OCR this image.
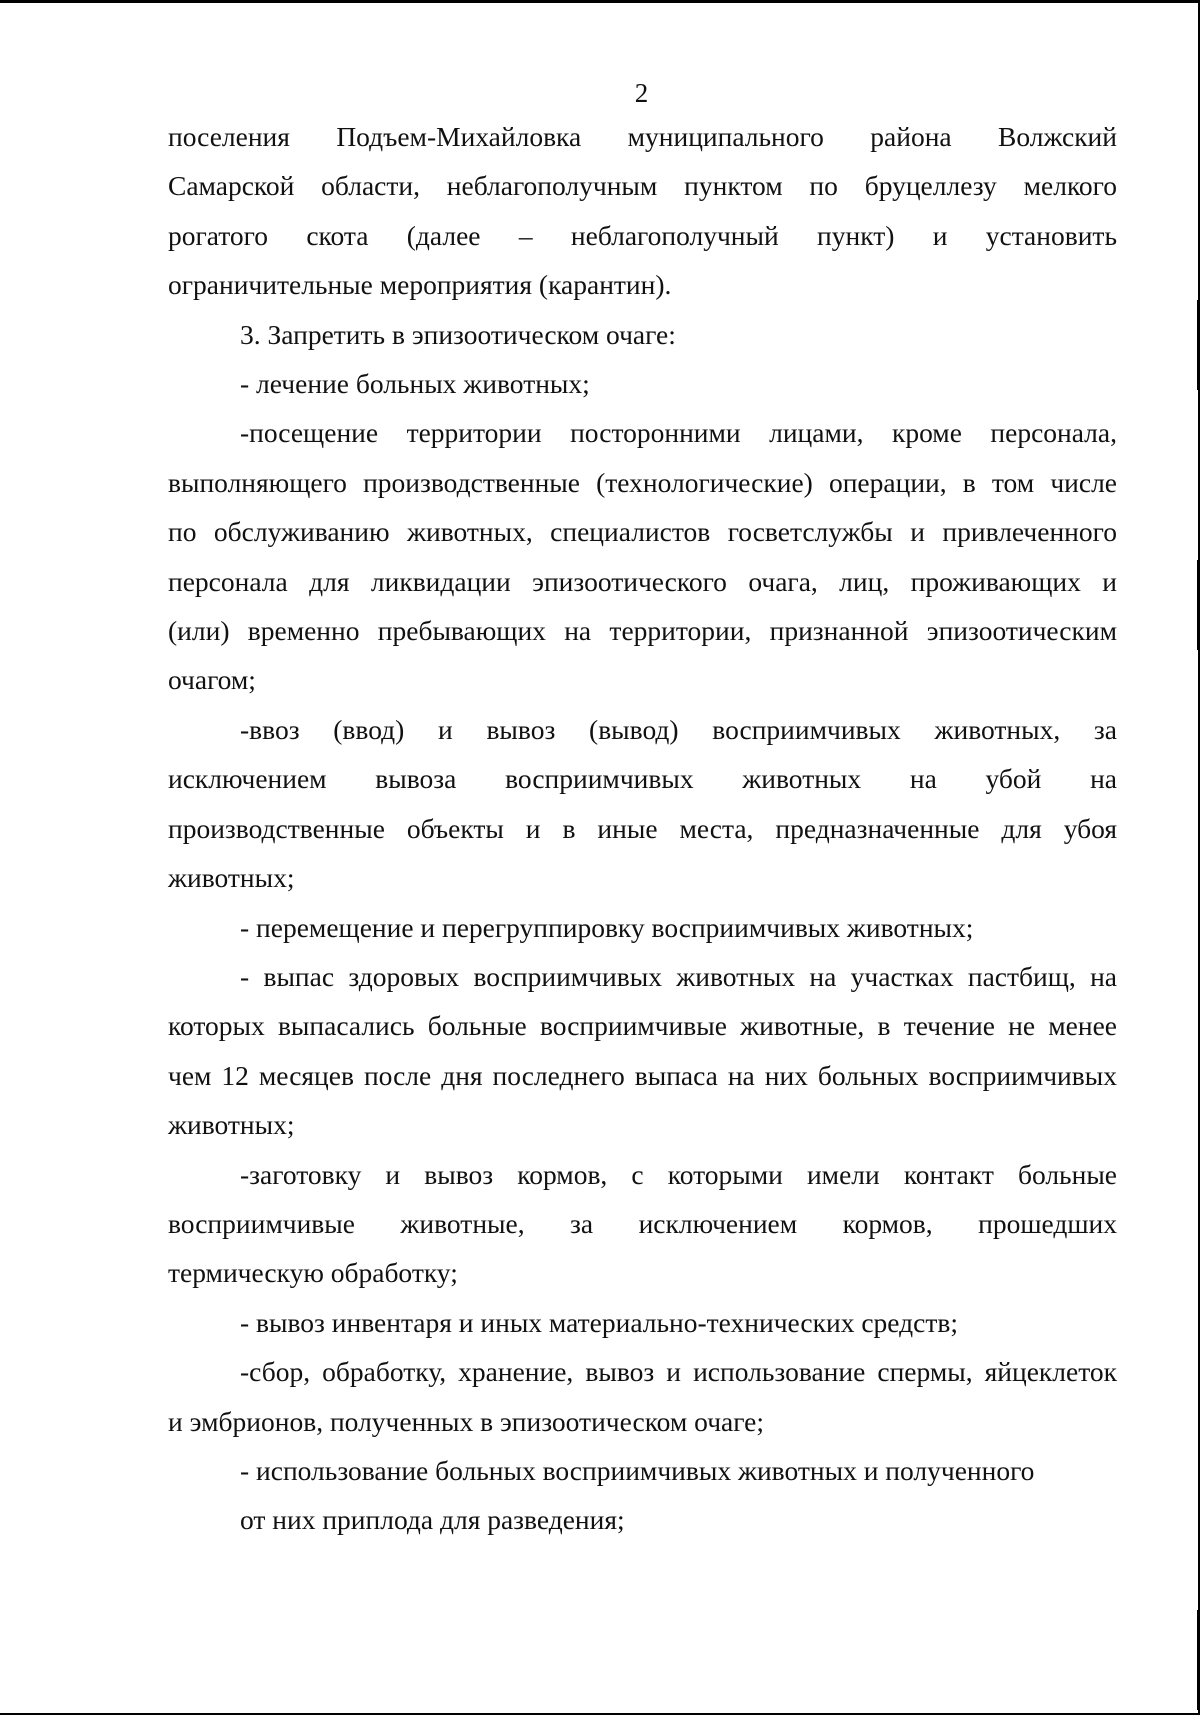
2

поселения Подъем-Михайловка муниципального района Волжский

Самарской области, неблагополучным пунктом по бруцеллезу мелкого

рогатого скота (далее – неблагополучный пункт) и установить

ограничительные мероприятия (карантин).

3. Запретить в эпизоотическом очаге:

- лечение больных животных;

-посещение территории посторонними лицами, кроме персонала,

выполняющего производственные (технологические) операции, в том числе

по обслуживанию животных, специалистов госветслужбы и привлеченного

персонала для ликвидации эпизоотического очага, лиц, проживающих и

(или) временно пребывающих на территории, признанной эпизоотическим

очагом;

-ввоз (ввод) и вывоз (вывод) восприимчивых животных, за

исключением вывоза восприимчивых животных на убой на

производственные объекты и в иные места, предназначенные для убоя

животных;

- перемещение и перегруппировку восприимчивых животных;

- выпас здоровых восприимчивых животных на участках пастбищ, на

которых выпасались больные восприимчивые животные, в течение не менее

чем 12 месяцев после дня последнего выпаса на них больных восприимчивых

животных;

-заготовку и вывоз кормов, с которыми имели контакт больные

восприимчивые животные, за исключением кормов, прошедших

термическую обработку;

- вывоз инвентаря и иных материально-технических средств;

-сбор, обработку, хранение, вывоз и использование спермы, яйцеклеток

и эмбрионов, полученных в эпизоотическом очаге;

- использование больных восприимчивых животных и полученного

от них приплода для разведения;
